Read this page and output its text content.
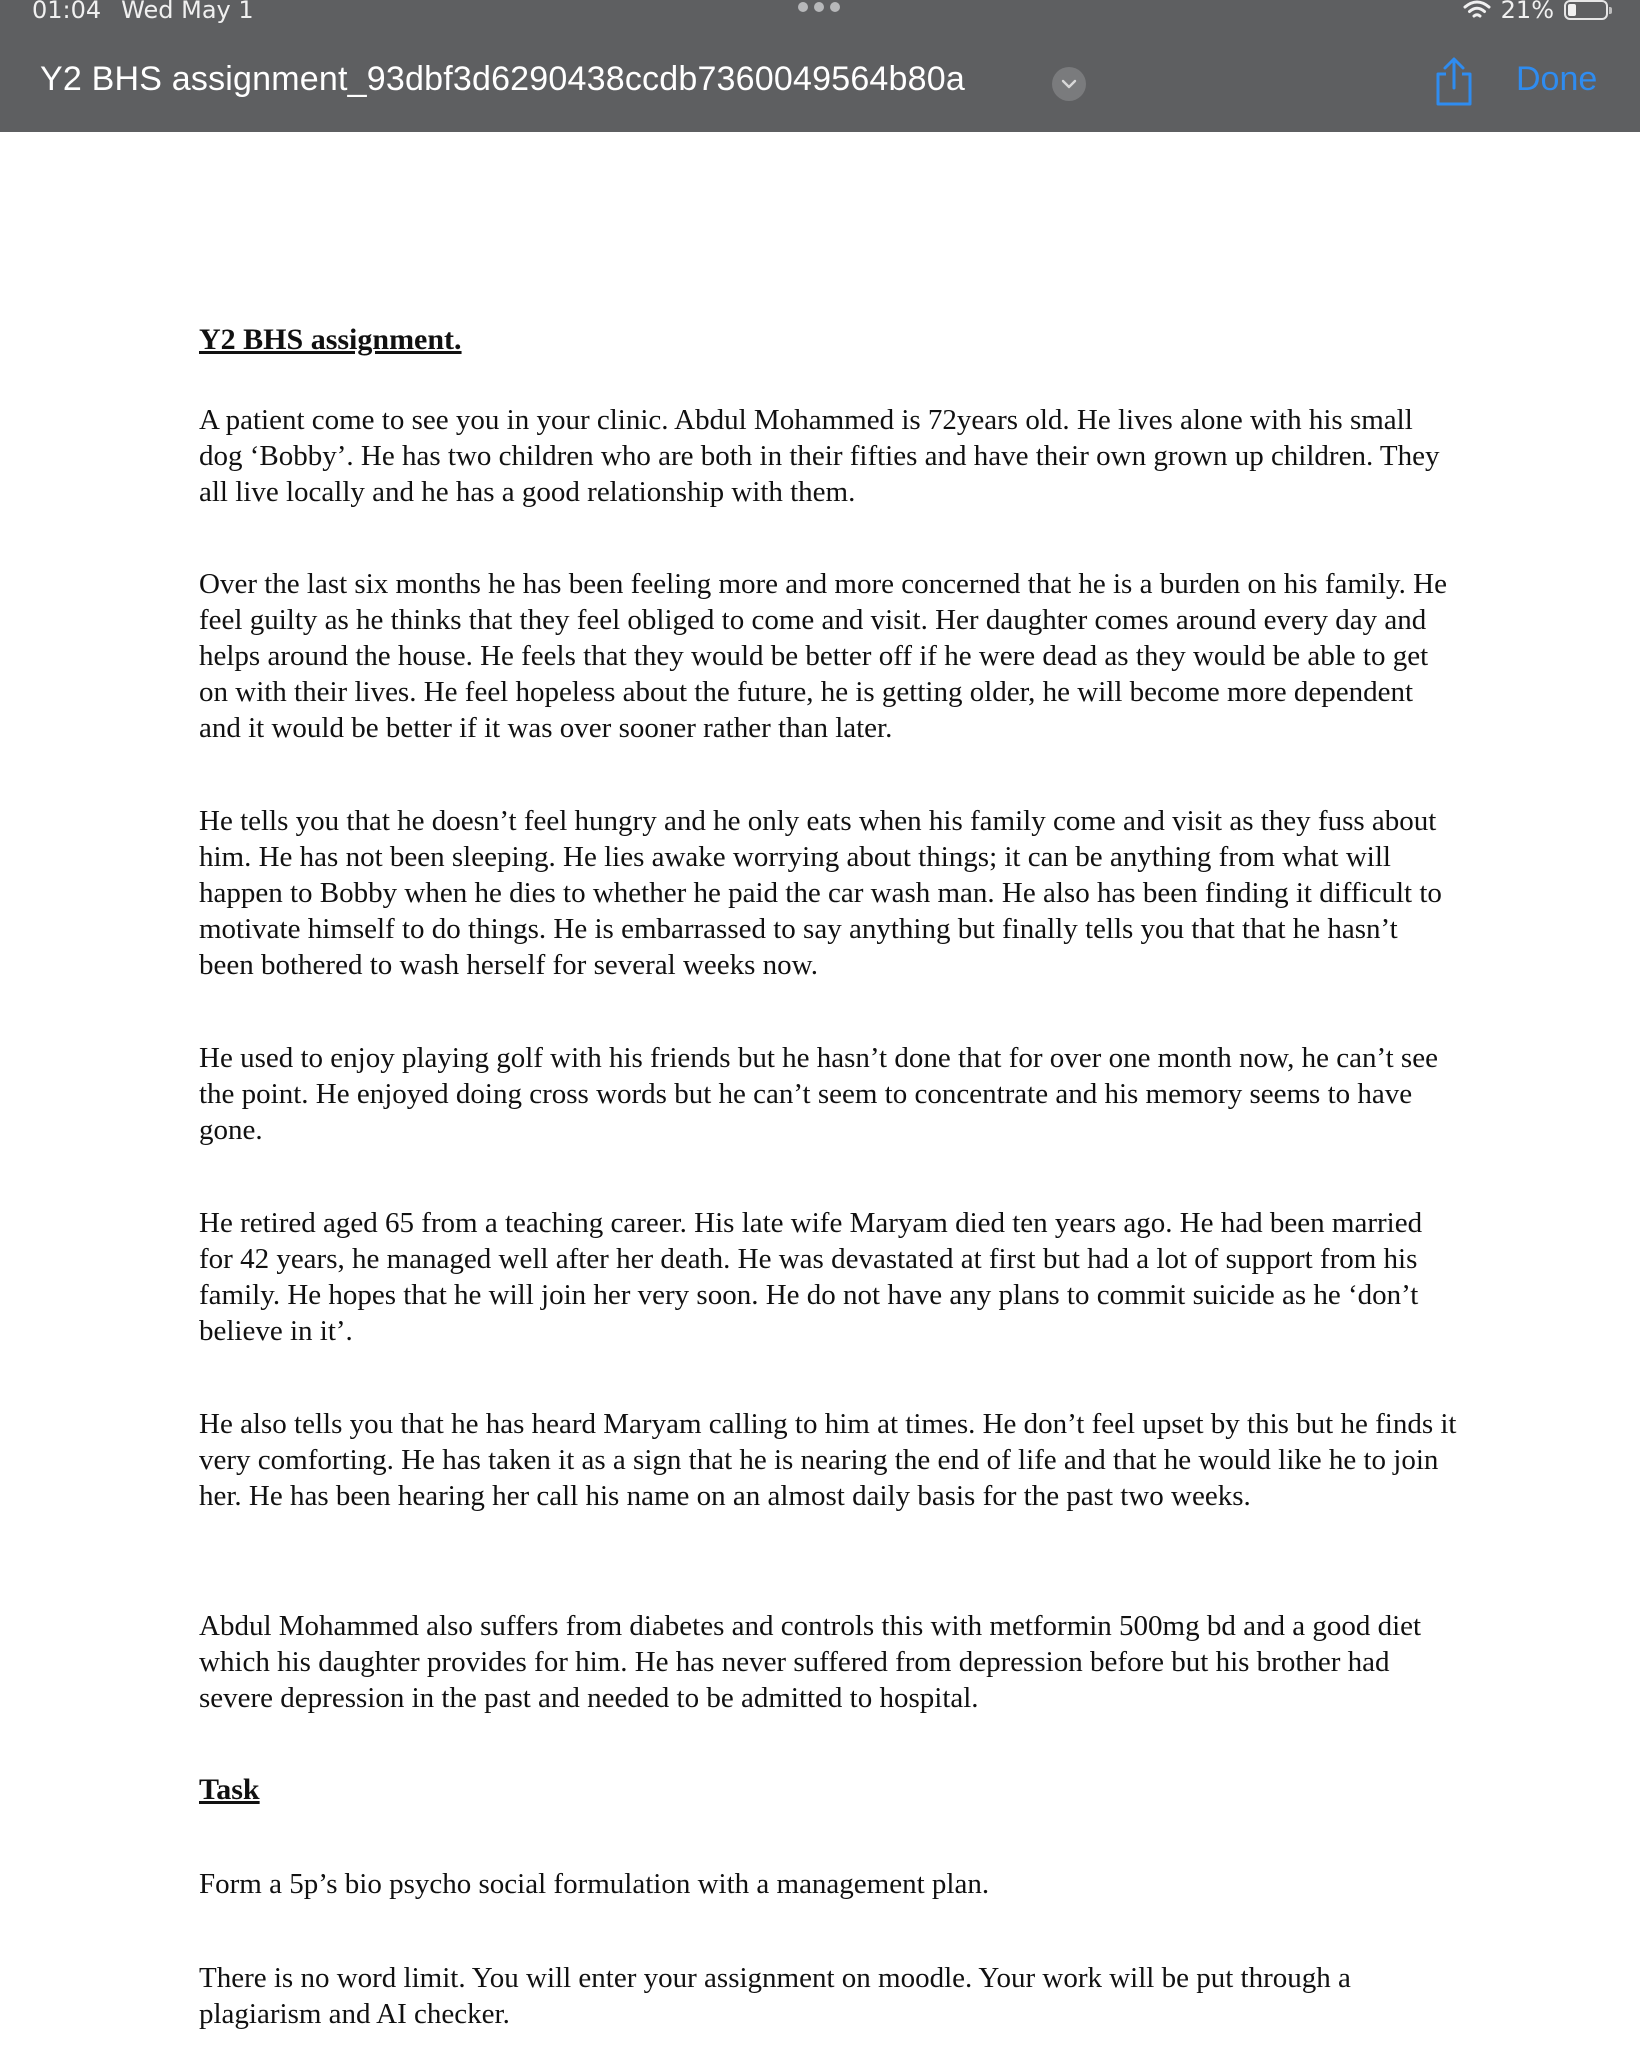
01:04 Wed May 1	21%
Y2 BHS assignment_93dbf3d6290438ccdb7360049564b80a	Done

Y2 BHS assignment.

A patient come to see you in your clinic. Abdul Mohammed is 72years old. He lives alone with his small dog ‘Bobby’. He has two children who are both in their fifties and have their own grown up children. They all live locally and he has a good relationship with them.

Over the last six months he has been feeling more and more concerned that he is a burden on his family. He feel guilty as he thinks that they feel obliged to come and visit. Her daughter comes around every day and helps around the house. He feels that they would be better off if he were dead as they would be able to get on with their lives. He feel hopeless about the future, he is getting older, he will become more dependent and it would be better if it was over sooner rather than later.

He tells you that he doesn’t feel hungry and he only eats when his family come and visit as they fuss about him. He has not been sleeping. He lies awake worrying about things; it can be anything from what will happen to Bobby when he dies to whether he paid the car wash man. He also has been finding it difficult to motivate himself to do things. He is embarrassed to say anything but finally tells you that that he hasn’t been bothered to wash herself for several weeks now.

He used to enjoy playing golf with his friends but he hasn’t done that for over one month now, he can’t see the point. He enjoyed doing cross words but he can’t seem to concentrate and his memory seems to have gone.

He retired aged 65 from a teaching career. His late wife Maryam died ten years ago. He had been married for 42 years, he managed well after her death. He was devastated at first but had a lot of support from his family. He hopes that he will join her very soon. He do not have any plans to commit suicide as he ‘don’t believe in it’.

He also tells you that he has heard Maryam calling to him at times. He don’t feel upset by this but he finds it very comforting. He has taken it as a sign that he is nearing the end of life and that he would like he to join her. He has been hearing her call his name on an almost daily basis for the past two weeks.

Abdul Mohammed also suffers from diabetes and controls this with metformin 500mg bd and a good diet which his daughter provides for him. He has never suffered from depression before but his brother had severe depression in the past and needed to be admitted to hospital.

Task

Form a 5p’s bio psycho social formulation with a management plan.

There is no word limit. You will enter your assignment on moodle. Your work will be put through a plagiarism and AI checker.
